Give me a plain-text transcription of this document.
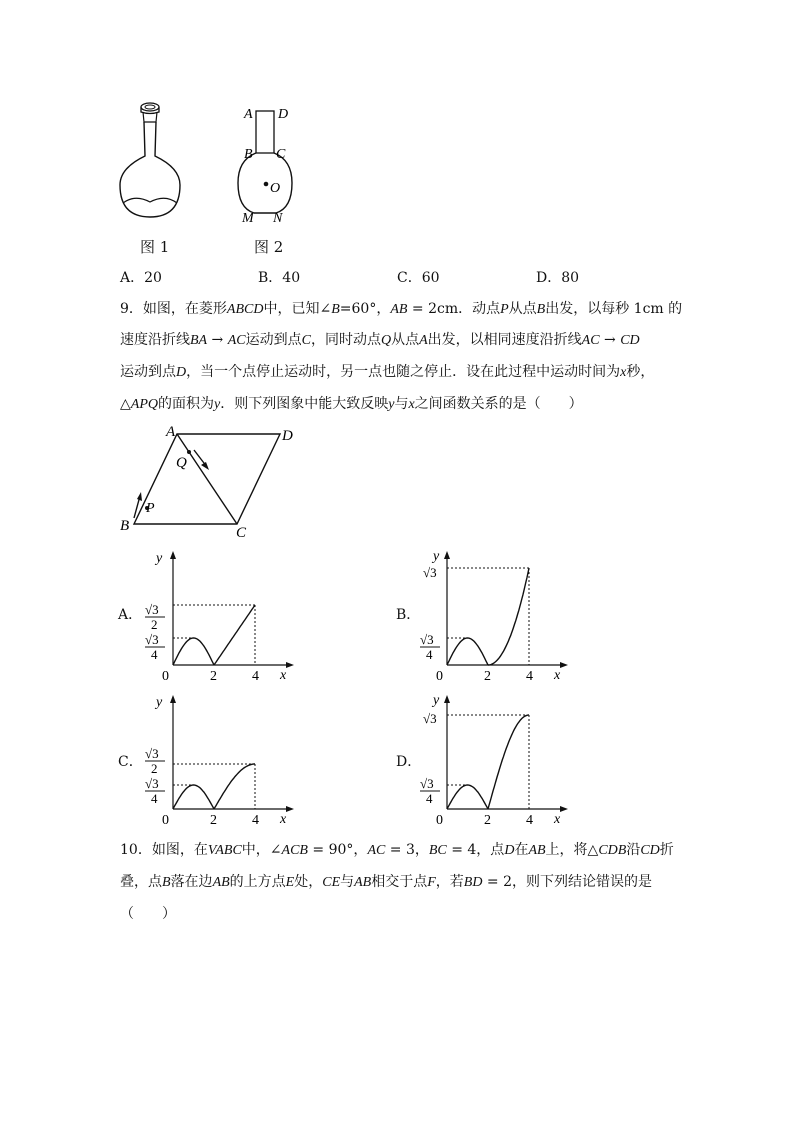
图 1
A D
B C
O
M N
图 2
A．20	B．40	C．60	D．80
9．如图，在菱形ABCD中，已知∠B=60°，AB = 2cm．动点P从点B出发，以每秒 1cm 的
速度沿折线BA → AC运动到点C，同时动点Q从点A出发，以相同速度沿折线AC → CD
运动到点D，当一个点停止运动时，另一点也随之停止．设在此过程中运动时间为x秒，
△APQ的面积为y．则下列图象中能大致反映y与x之间函数关系的是（　　）
A	D
Q
P
B	C
A．
y
x
0	2	4
√3
2
√3
4
B．
y
x
0	2	4
√3
√3
4
C．
y
x
0	2	4
√3
2
√3
4
D．
y
x
0	2	4
√3
√3
4
10．如图，在VABC中，∠ACB = 90°，AC = 3，BC = 4，点D在AB上，将△CDB沿CD折
叠，点B落在边AB的上方点E处，CE与AB相交于点F，若BD = 2，则下列结论错误的是
（　　）
